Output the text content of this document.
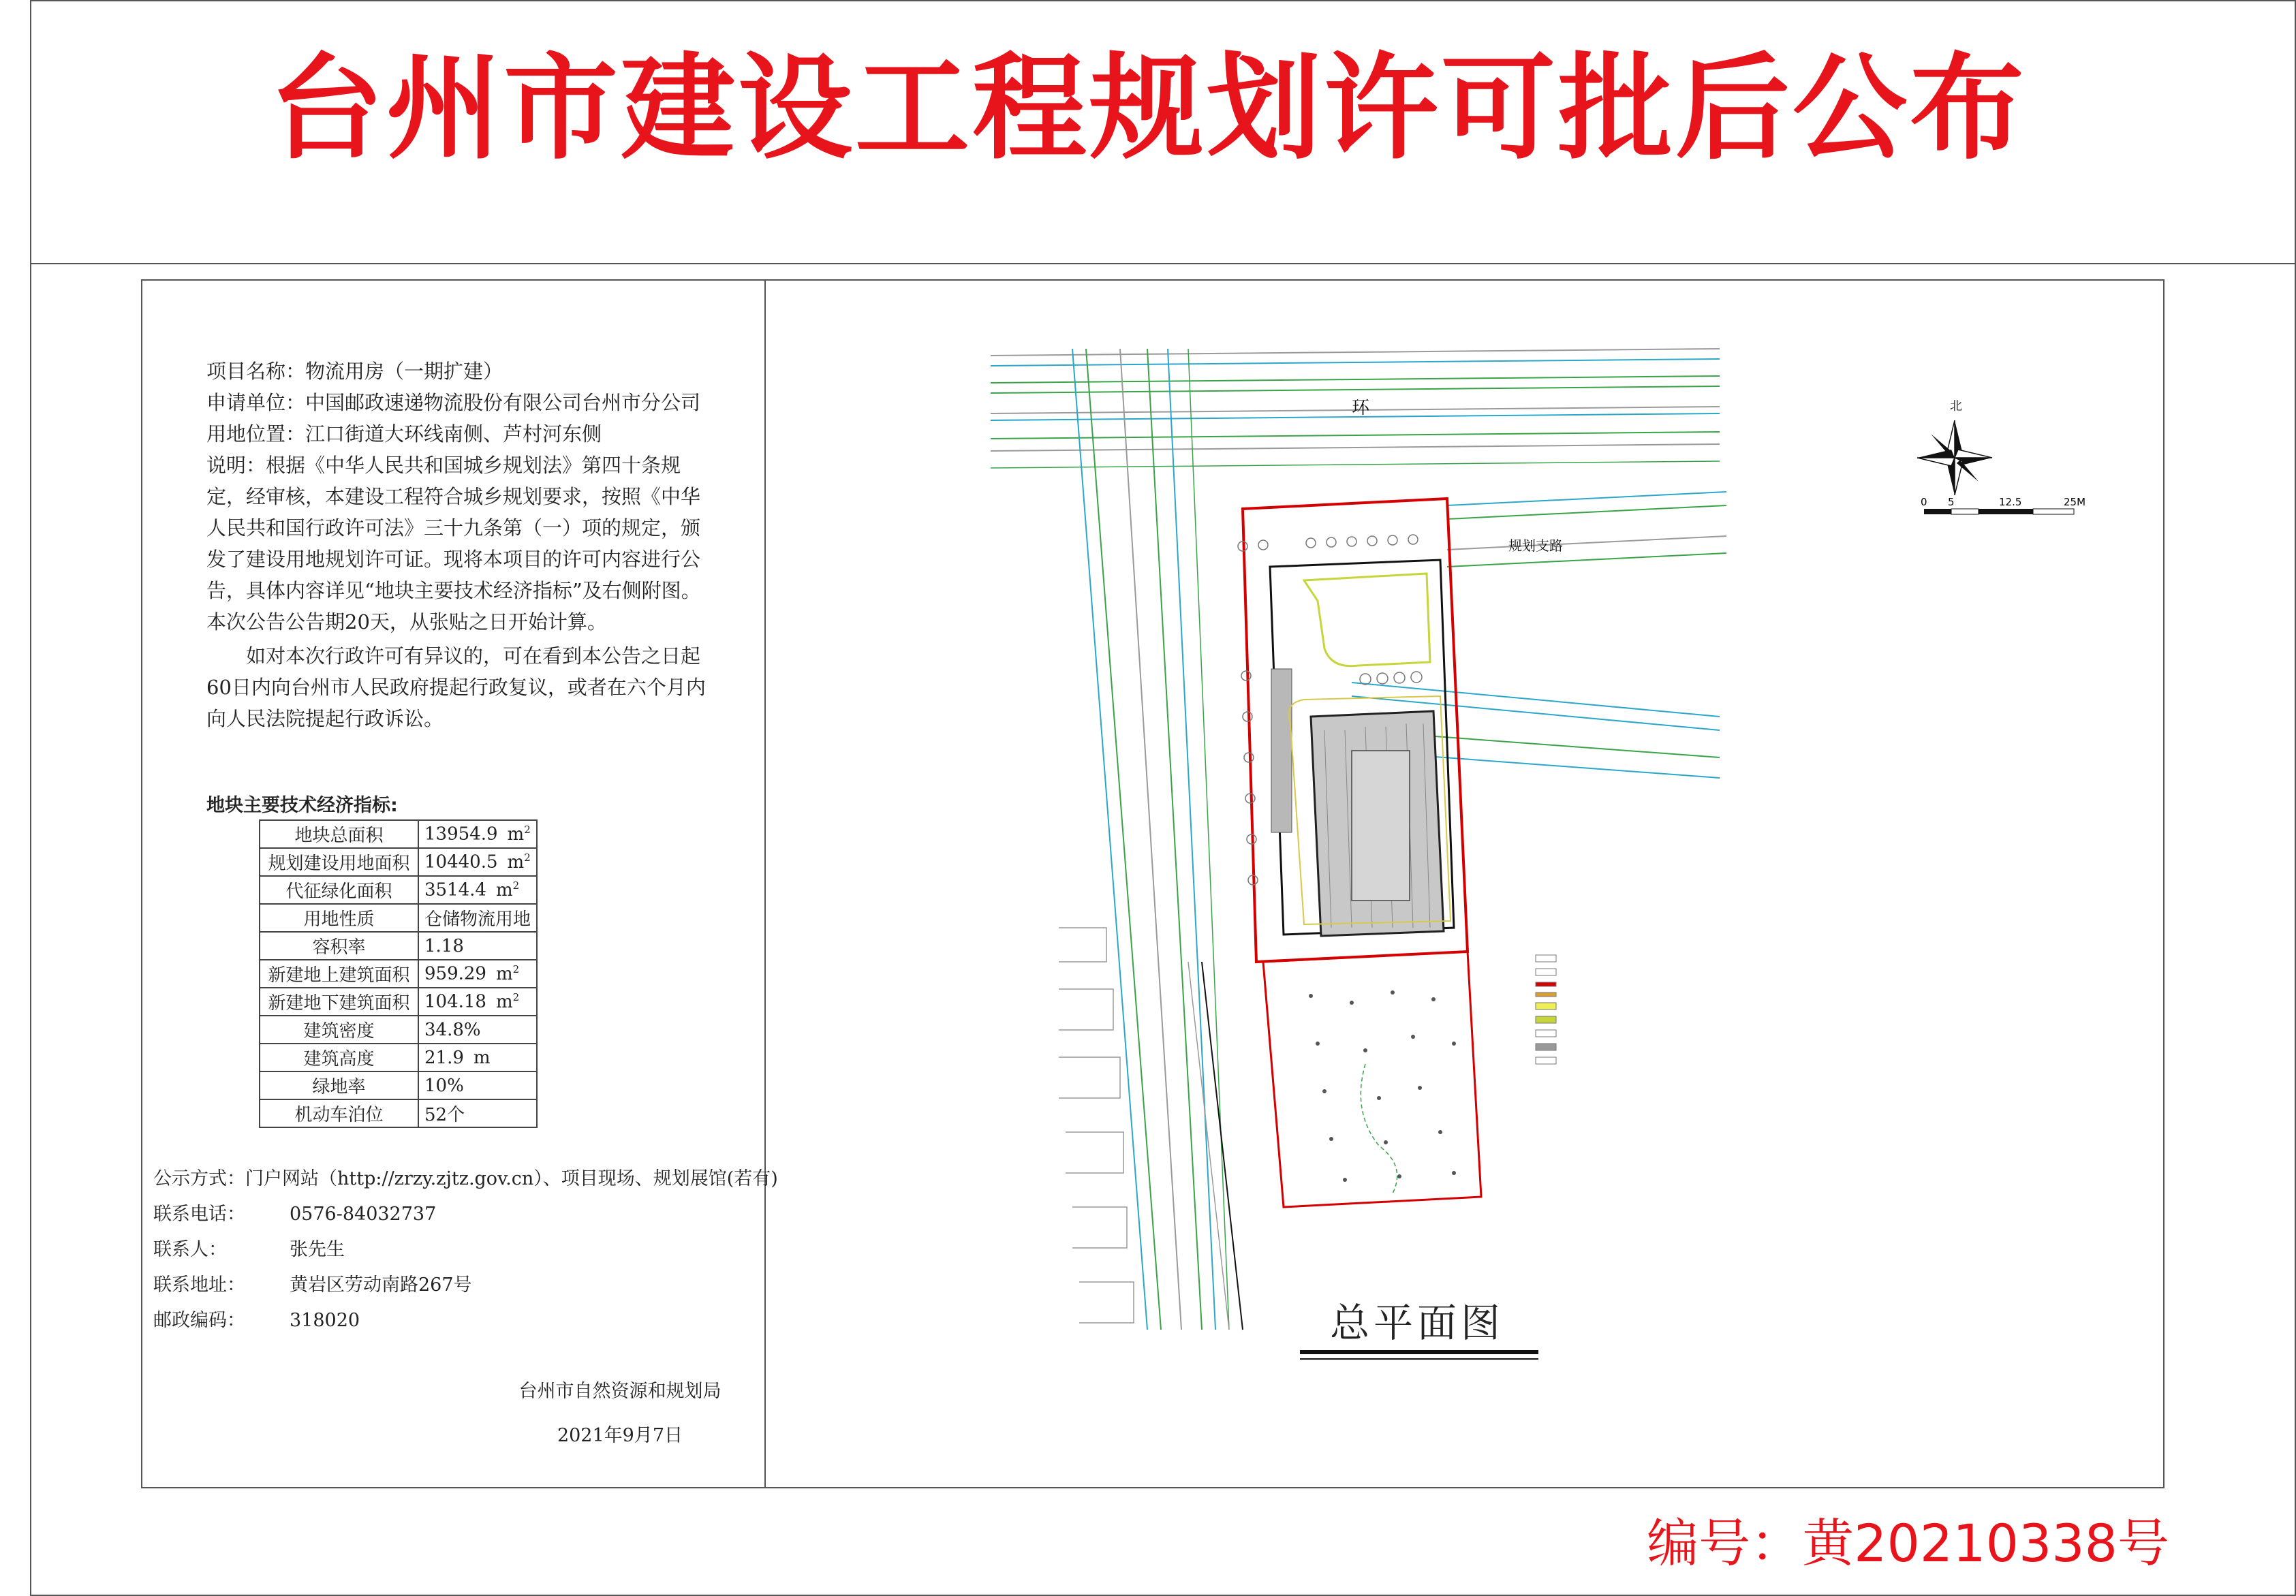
台州市建设工程规划许可批后公布
项目名称：物流用房（一期扩建）
申请单位：中国邮政速递物流股份有限公司台州市分公司
用地位置：江口街道大环线南侧、芦村河东侧
说明：根据《中华人民共和国城乡规划法》第四十条规定，经审核，本建设工程符合城乡规划要求，按照《中华人民共和国行政许可法》三十九条第（一）项的规定，颁发了建设用地规划许可证。现将本项目的许可内容进行公告，具体内容详见“地块主要技术经济指标”及右侧附图。本次公告公告期20天，从张贴之日开始计算。
如对本次行政许可有异议的，可在看到本公告之日起60日内向台州市人民政府提起行政复议，或者在六个月内向人民法院提起行政诉讼。
地块主要技术经济指标:
地块总面积	13954.9 $m^2$
规划建设用地面积	10440.5 $m^2$
代征绿化面积	3514.4 $m^2$
用地性质	仓储物流用地
容积率	1.18
新建地上建筑面积	959.29 $m^2$
新建地下建筑面积	104.18 $m^2$
建筑密度	34.8%
建筑高度	21.9 m
绿地率	10%
机动车泊位	52个
公示方式：门户网站（http://zrzy.zjtz.gov.cn）、项目现场、规划展馆(若有)
联系电话： 0576-84032737
联系人：	张先生
联系地址： 黄岩区劳动南路267号
邮政编码： 318020
台州市自然资源和规划局
2021年9月7日
环
规划支路
北
0 5	12.5	25M
总平面图
编号：黄20210338号
